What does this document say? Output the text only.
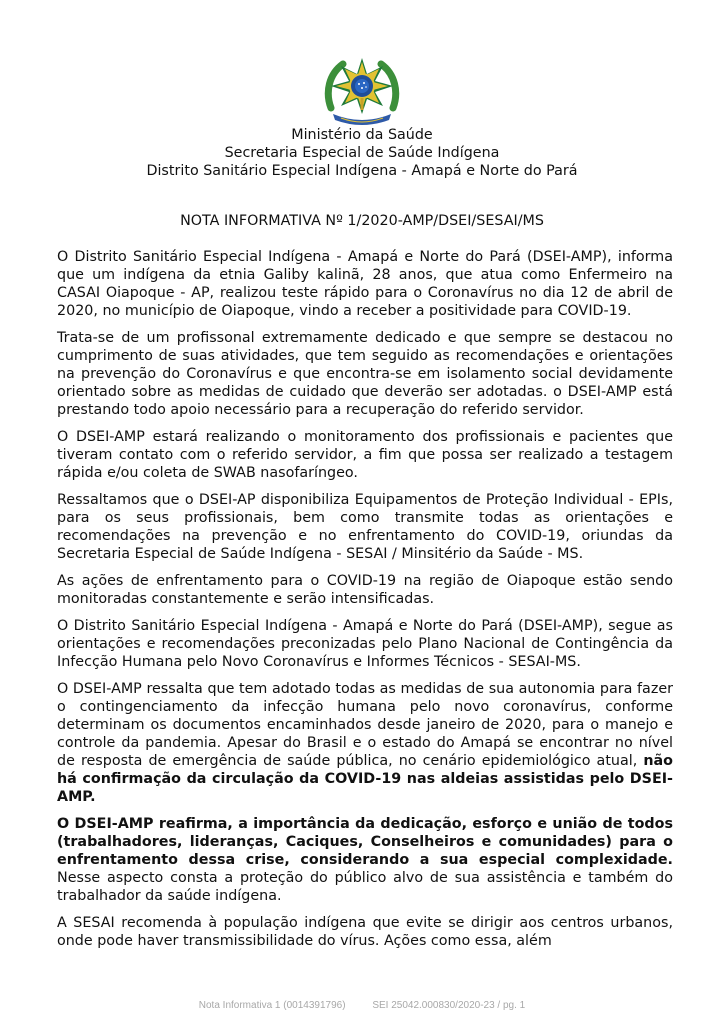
Ministério da Saúde
Secretaria Especial de Saúde Indígena
Distrito Sanitário Especial Indígena - Amapá e Norte do Pará
NOTA INFORMATIVA Nº 1/2020-AMP/DSEI/SESAI/MS

O Distrito Sanitário Especial Indígena - Amapá e Norte do Pará (DSEI-AMP), informa que um indígena da etnia Galiby kalinã, 28 anos, que atua como Enfermeiro na CASAI Oiapoque - AP, realizou teste rápido para o Coronavírus no dia 12 de abril de 2020, no município de Oiapoque, vindo a receber a positividade para COVID-19.

Trata-se de um profissonal extremamente dedicado e que sempre se destacou no cumprimento de suas atividades, que tem seguido as recomendações e orientações na prevenção do Coronavírus e que encontra-se em isolamento social devidamente orientado sobre as medidas de cuidado que deverão ser adotadas. o DSEI-AMP está prestando todo apoio necessário para a recuperação do referido servidor.

O DSEI-AMP estará realizando o monitoramento dos profissionais e pacientes que tiveram contato com o referido servidor, a fim que possa ser realizado a testagem rápida e/ou coleta de SWAB nasofaríngeo.

Ressaltamos que o DSEI-AP disponibiliza Equipamentos de Proteção Individual - EPIs, para os seus profissionais, bem como transmite todas as orientações e recomendações na prevenção e no enfrentamento do COVID-19, oriundas da Secretaria Especial de Saúde Indígena - SESAI / Minsitério da Saúde - MS.

As ações de enfrentamento para o COVID-19 na região de Oiapoque estão sendo monitoradas constantemente e serão intensificadas.

O Distrito Sanitário Especial Indígena - Amapá e Norte do Pará (DSEI-AMP), segue as orientações e recomendações preconizadas pelo Plano Nacional de Contingência da Infecção Humana pelo Novo Coronavírus e Informes Técnicos - SESAI-MS.

O DSEI-AMP ressalta que tem adotado todas as medidas de sua autonomia para fazer o contingenciamento da infecção humana pelo novo coronavírus, conforme determinam os documentos encaminhados desde janeiro de 2020, para o manejo e controle da pandemia. Apesar do Brasil e o estado do Amapá se encontrar no nível de resposta de emergência de saúde pública, no cenário epidemiológico atual, não há confirmação da circulação da COVID-19 nas aldeias assistidas pelo DSEI-AMP.

O DSEI-AMP reafirma, a importância da dedicação, esforço e união de todos (trabalhadores, lideranças, Caciques, Conselheiros e comunidades) para o enfrentamento dessa crise, considerando a sua especial complexidade. Nesse aspecto consta a proteção do público alvo de sua assistência e também do trabalhador da saúde indígena.

A SESAI recomenda à população indígena que evite se dirigir aos centros urbanos, onde pode haver transmissibilidade do vírus. Ações como essa, além

Nota Informativa 1 (0014391796)	SEI 25042.000830/2020-23 / pg. 1
